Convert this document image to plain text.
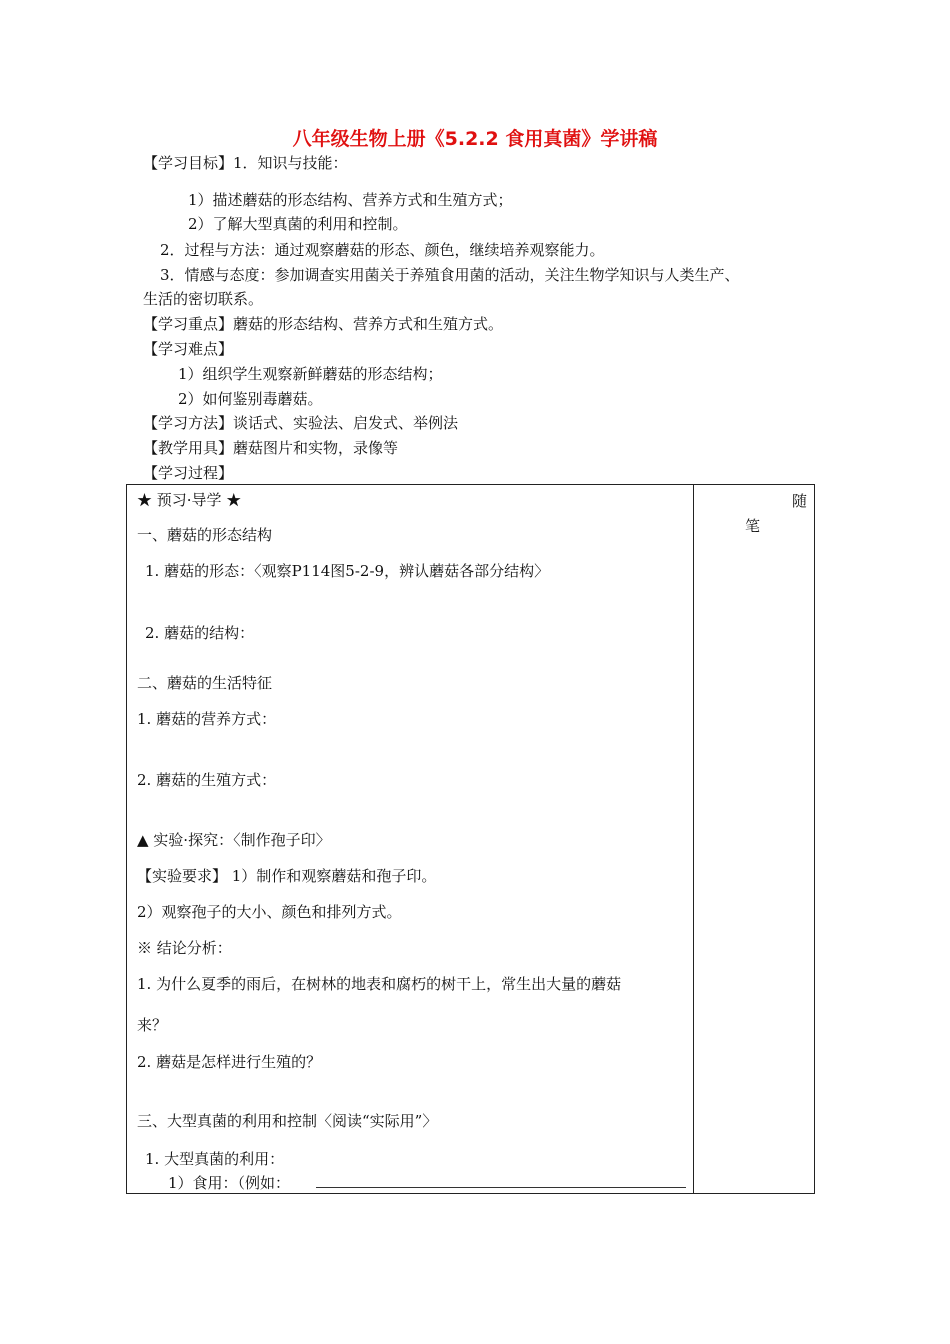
八年级生物上册《5.2.2 食用真菌》学讲稿
【学习目标】1．知识与技能：
1）描述蘑菇的形态结构、营养方式和生殖方式；
2）了解大型真菌的利用和控制。
2．过程与方法：通过观察蘑菇的形态、颜色，继续培养观察能力。
3．情感与态度：参加调查实用菌关于养殖食用菌的活动，关注生物学知识与人类生产、
生活的密切联系。
【学习重点】蘑菇的形态结构、营养方式和生殖方式。
【学习难点】
1）组织学生观察新鲜蘑菇的形态结构；
2）如何鉴别毒蘑菇。
【学习方法】谈话式、实验法、启发式、举例法
【教学用具】蘑菇图片和实物，录像等
【学习过程】
★ 预习·导学 ★
一、蘑菇的形态结构
1. 蘑菇的形态：〈观察P114图5-2-9，辨认蘑菇各部分结构〉
2. 蘑菇的结构：
二、蘑菇的生活特征
1. 蘑菇的营养方式：
2. 蘑菇的生殖方式：
▲ 实验·探究：〈制作孢子印〉
【实验要求】 1）制作和观察蘑菇和孢子印。
2）观察孢子的大小、颜色和排列方式。
※ 结论分析：
1. 为什么夏季的雨后，在树林的地表和腐朽的树干上，常生出大量的蘑菇
来？
2. 蘑菇是怎样进行生殖的？
三、大型真菌的利用和控制〈阅读“实际用”〉
1. 大型真菌的利用：
1）食用：（例如：
随
笔
